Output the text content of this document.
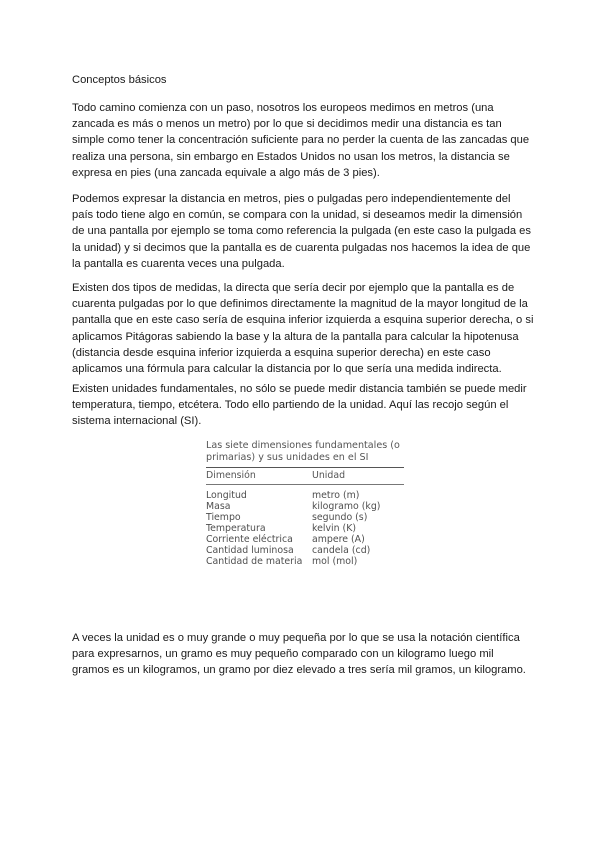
Conceptos básicos

Todo camino comienza con un paso, nosotros los europeos medimos en metros (una zancada es más o menos un metro) por lo que si decidimos medir una distancia es tan simple como tener la concentración suficiente para no perder la cuenta de las zancadas que realiza una persona, sin embargo en Estados Unidos no usan los metros, la distancia se expresa en pies (una zancada equivale a algo más de 3 pies).

Podemos expresar la distancia en metros, pies o pulgadas pero independientemente del país todo tiene algo en común, se compara con la unidad, si deseamos medir la dimensión de una pantalla por ejemplo se toma como referencia la pulgada (en este caso la pulgada es la unidad) y si decimos que la pantalla es de cuarenta pulgadas nos hacemos la idea de que la pantalla es cuarenta veces una pulgada.

Existen dos tipos de medidas, la directa que sería decir por ejemplo que la pantalla es de cuarenta pulgadas por lo que definimos directamente la magnitud de la mayor longitud de la pantalla que en este caso sería de esquina inferior izquierda a esquina superior derecha, o si aplicamos Pitágoras sabiendo la base y la altura de la pantalla para calcular la hipotenusa (distancia desde esquina inferior izquierda a esquina superior derecha) en este caso aplicamos una fórmula para calcular la distancia por lo que sería una medida indirecta.

Existen unidades fundamentales, no sólo se puede medir distancia también se puede medir temperatura, tiempo, etcétera. Todo ello partiendo de la unidad. Aquí las recojo según el sistema internacional (SI).

Las siete dimensiones fundamentales (o primarias) y sus unidades en el SI

Dimensión	Unidad

Longitud	metro (m)
Masa	kilogramo (kg)
Tiempo	segundo (s)
Temperatura	kelvin (K)
Corriente eléctrica	ampere (A)
Cantidad luminosa	candela (cd)
Cantidad de materia	mol (mol)

A veces la unidad es o muy grande o muy pequeña por lo que se usa la notación científica para expresarnos, un gramo es muy pequeño comparado con un kilogramo luego mil gramos es un kilogramos, un gramo por diez elevado a tres sería mil gramos, un kilogramo.
